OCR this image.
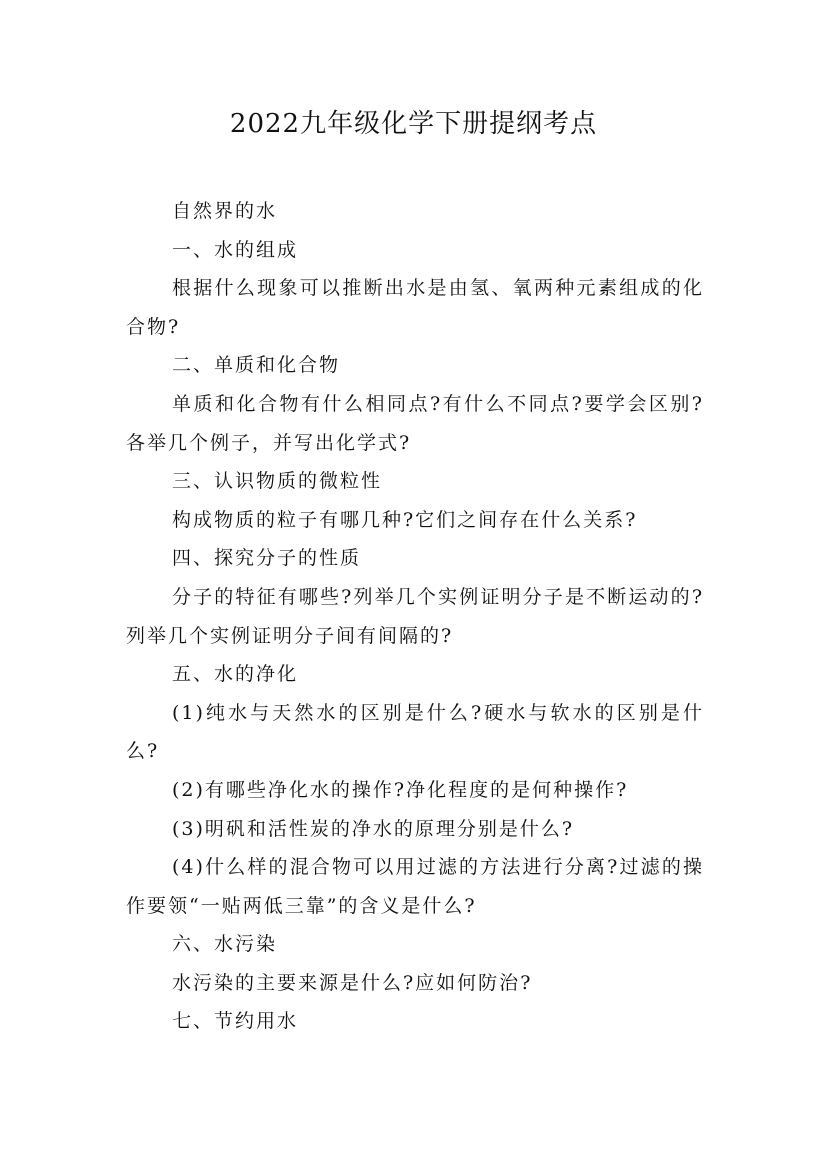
2022九年级化学下册提纲考点

自然界的水

一、水的组成

根据什么现象可以推断出水是由氢、氧两种元素组成的化合物?

二、单质和化合物

单质和化合物有什么相同点?有什么不同点?要学会区别?各举几个例子，并写出化学式?

三、认识物质的微粒性

构成物质的粒子有哪几种?它们之间存在什么关系?

四、探究分子的性质

分子的特征有哪些?列举几个实例证明分子是不断运动的?列举几个实例证明分子间有间隔的?

五、水的净化

(1)纯水与天然水的区别是什么?硬水与软水的区别是什么?

(2)有哪些净化水的操作?净化程度的是何种操作?

(3)明矾和活性炭的净水的原理分别是什么?

(4)什么样的混合物可以用过滤的方法进行分离?过滤的操作要领“一贴两低三靠”的含义是什么?

六、水污染

水污染的主要来源是什么?应如何防治?

七、节约用水
